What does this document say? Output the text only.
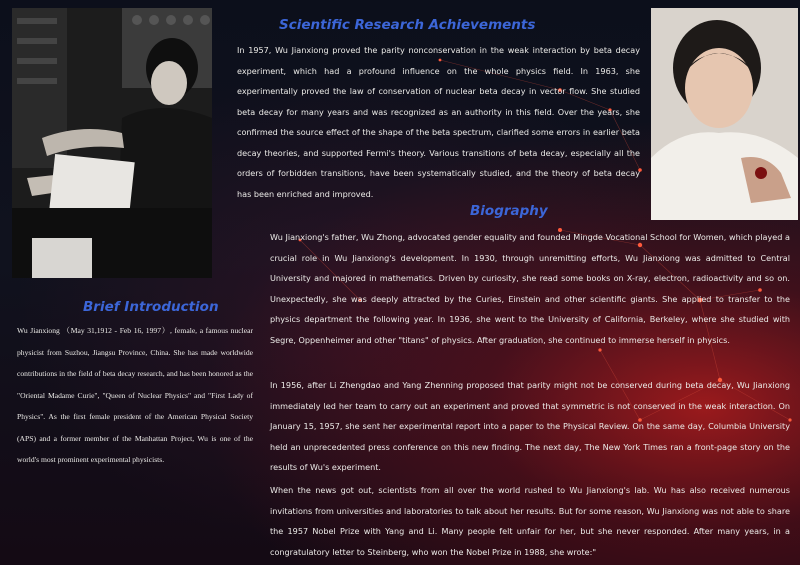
Scientific Research Achievements

In 1957, Wu Jianxiong proved the parity nonconservation in the weak interaction by beta decay experiment, which had a profound influence on the whole physics field. In 1963, she experimentally proved the law of conservation of nuclear beta decay in vector flow. She studied beta decay for many years and was recognized as an authority in this field. Over the years, she confirmed the source effect of the shape of the beta spectrum, clarified some errors in earlier beta decay theories, and supported Fermi's theory. Various transitions of beta decay, especially all the orders of forbidden transitions, have been systematically studied, and the theory of beta decay has been enriched and improved.

Biography

Wu Jianxiong's father, Wu Zhong, advocated gender equality and founded Mingde Vocational School for Women, which played a crucial role in Wu Jianxiong's development. In 1930, through unremitting efforts, Wu Jianxiong was admitted to Central University and majored in mathematics. Driven by curiosity, she read some books on X-ray, electron, radioactivity and so on. Unexpectedly, she was deeply attracted by the Curies, Einstein and other scientific giants. She applied to transfer to the physics department the following year. In 1936, she went to the University of California, Berkeley, where she studied with Segre, Oppenheimer and other "titans" of physics. After graduation, she continued to immerse herself in physics.

In 1956, after Li Zhengdao and Yang Zhenning proposed that parity might not be conserved during beta decay, Wu Jianxiong immediately led her team to carry out an experiment and proved that symmetric is not conserved in the weak interaction. On January 15, 1957, she sent her experimental report into a paper to the Physical Review. On the same day, Columbia University held an unprecedented press conference on this new finding. The next day, The New York Times ran a front-page story on the results of Wu's experiment.

When the news got out, scientists from all over the world rushed to Wu Jianxiong's lab. Wu has also received numerous invitations from universities and laboratories to talk about her results. But for some reason, Wu Jianxiong was not able to share the 1957 Nobel Prize with Yang and Li. Many people felt unfair for her, but she never responded. After many years, in a congratulatory letter to Steinberg, who won the Nobel Prize in 1988, she wrote:"

Brief Introduction

Wu Jianxiong （May 31,1912 - Feb 16, 1997）, female, a famous nuclear physicist from Suzhou, Jiangsu Province, China. She has made worldwide contributions in the field of beta decay research, and has been honored as the "Oriental Madame Curie", "Queen of Nuclear Physics" and "First Lady of Physics". As the first female president of the American Physical Society (APS) and a former member of the Manhattan Project, Wu is one of the world's most prominent experimental physicists.
